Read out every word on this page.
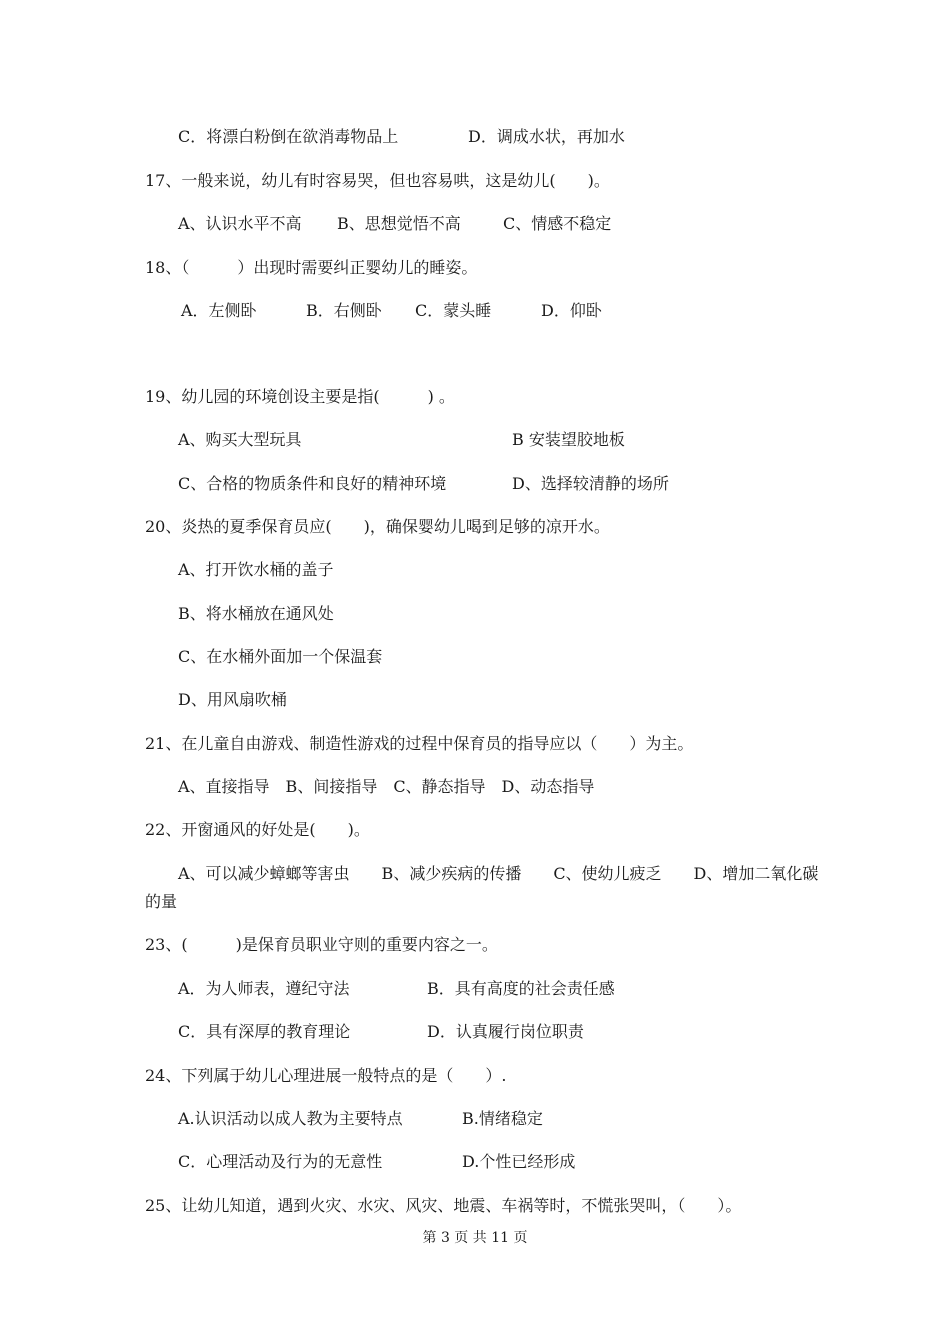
C．将漂白粉倒在欲消毒物品上	D．调成水状，再加水
17、一般来说，幼儿有时容易哭，但也容易哄，这是幼儿(　　)。
A、认识水平不高 B、思想觉悟不高	C、情感不稳定
18、（　　　）出现时需要纠正婴幼儿的睡姿。
A．左侧卧	B．右侧卧 C．蒙头睡	D．仰卧
19、幼儿园的环境创设主要是指(　　　) 。
A、购买大型玩具	B 安装望胶地板
C、合格的物质条件和良好的精神环境	D、选择较清静的场所
20、炎热的夏季保育员应(　　)，确保婴幼儿喝到足够的凉开水。
A、打开饮水桶的盖子
B、将水桶放在通风处
C、在水桶外面加一个保温套
D、用风扇吹桶
21、在儿童自由游戏、制造性游戏的过程中保育员的指导应以（　　）为主。
A、直接指导　B、间接指导　C、静态指导　D、动态指导
22、开窗通风的好处是(　　)。
A、可以减少蟑螂等害虫　　B、减少疾病的传播　　C、使幼儿疲乏　　D、增加二氧化碳
的量
23、(　　　)是保育员职业守则的重要内容之一。
A．为人师表，遵纪守法	B．具有高度的社会责任感
C．具有深厚的教育理论	D．认真履行岗位职责
24、下列属于幼儿心理进展一般特点的是（　　）.
A.认识活动以成人教为主要特点	B.情绪稳定
C．心理活动及行为的无意性	D.个性已经形成
25、让幼儿知道，遇到火灾、水灾、风灾、地震、车祸等时，不慌张哭叫，（　　）。
第 3 页 共 11 页
